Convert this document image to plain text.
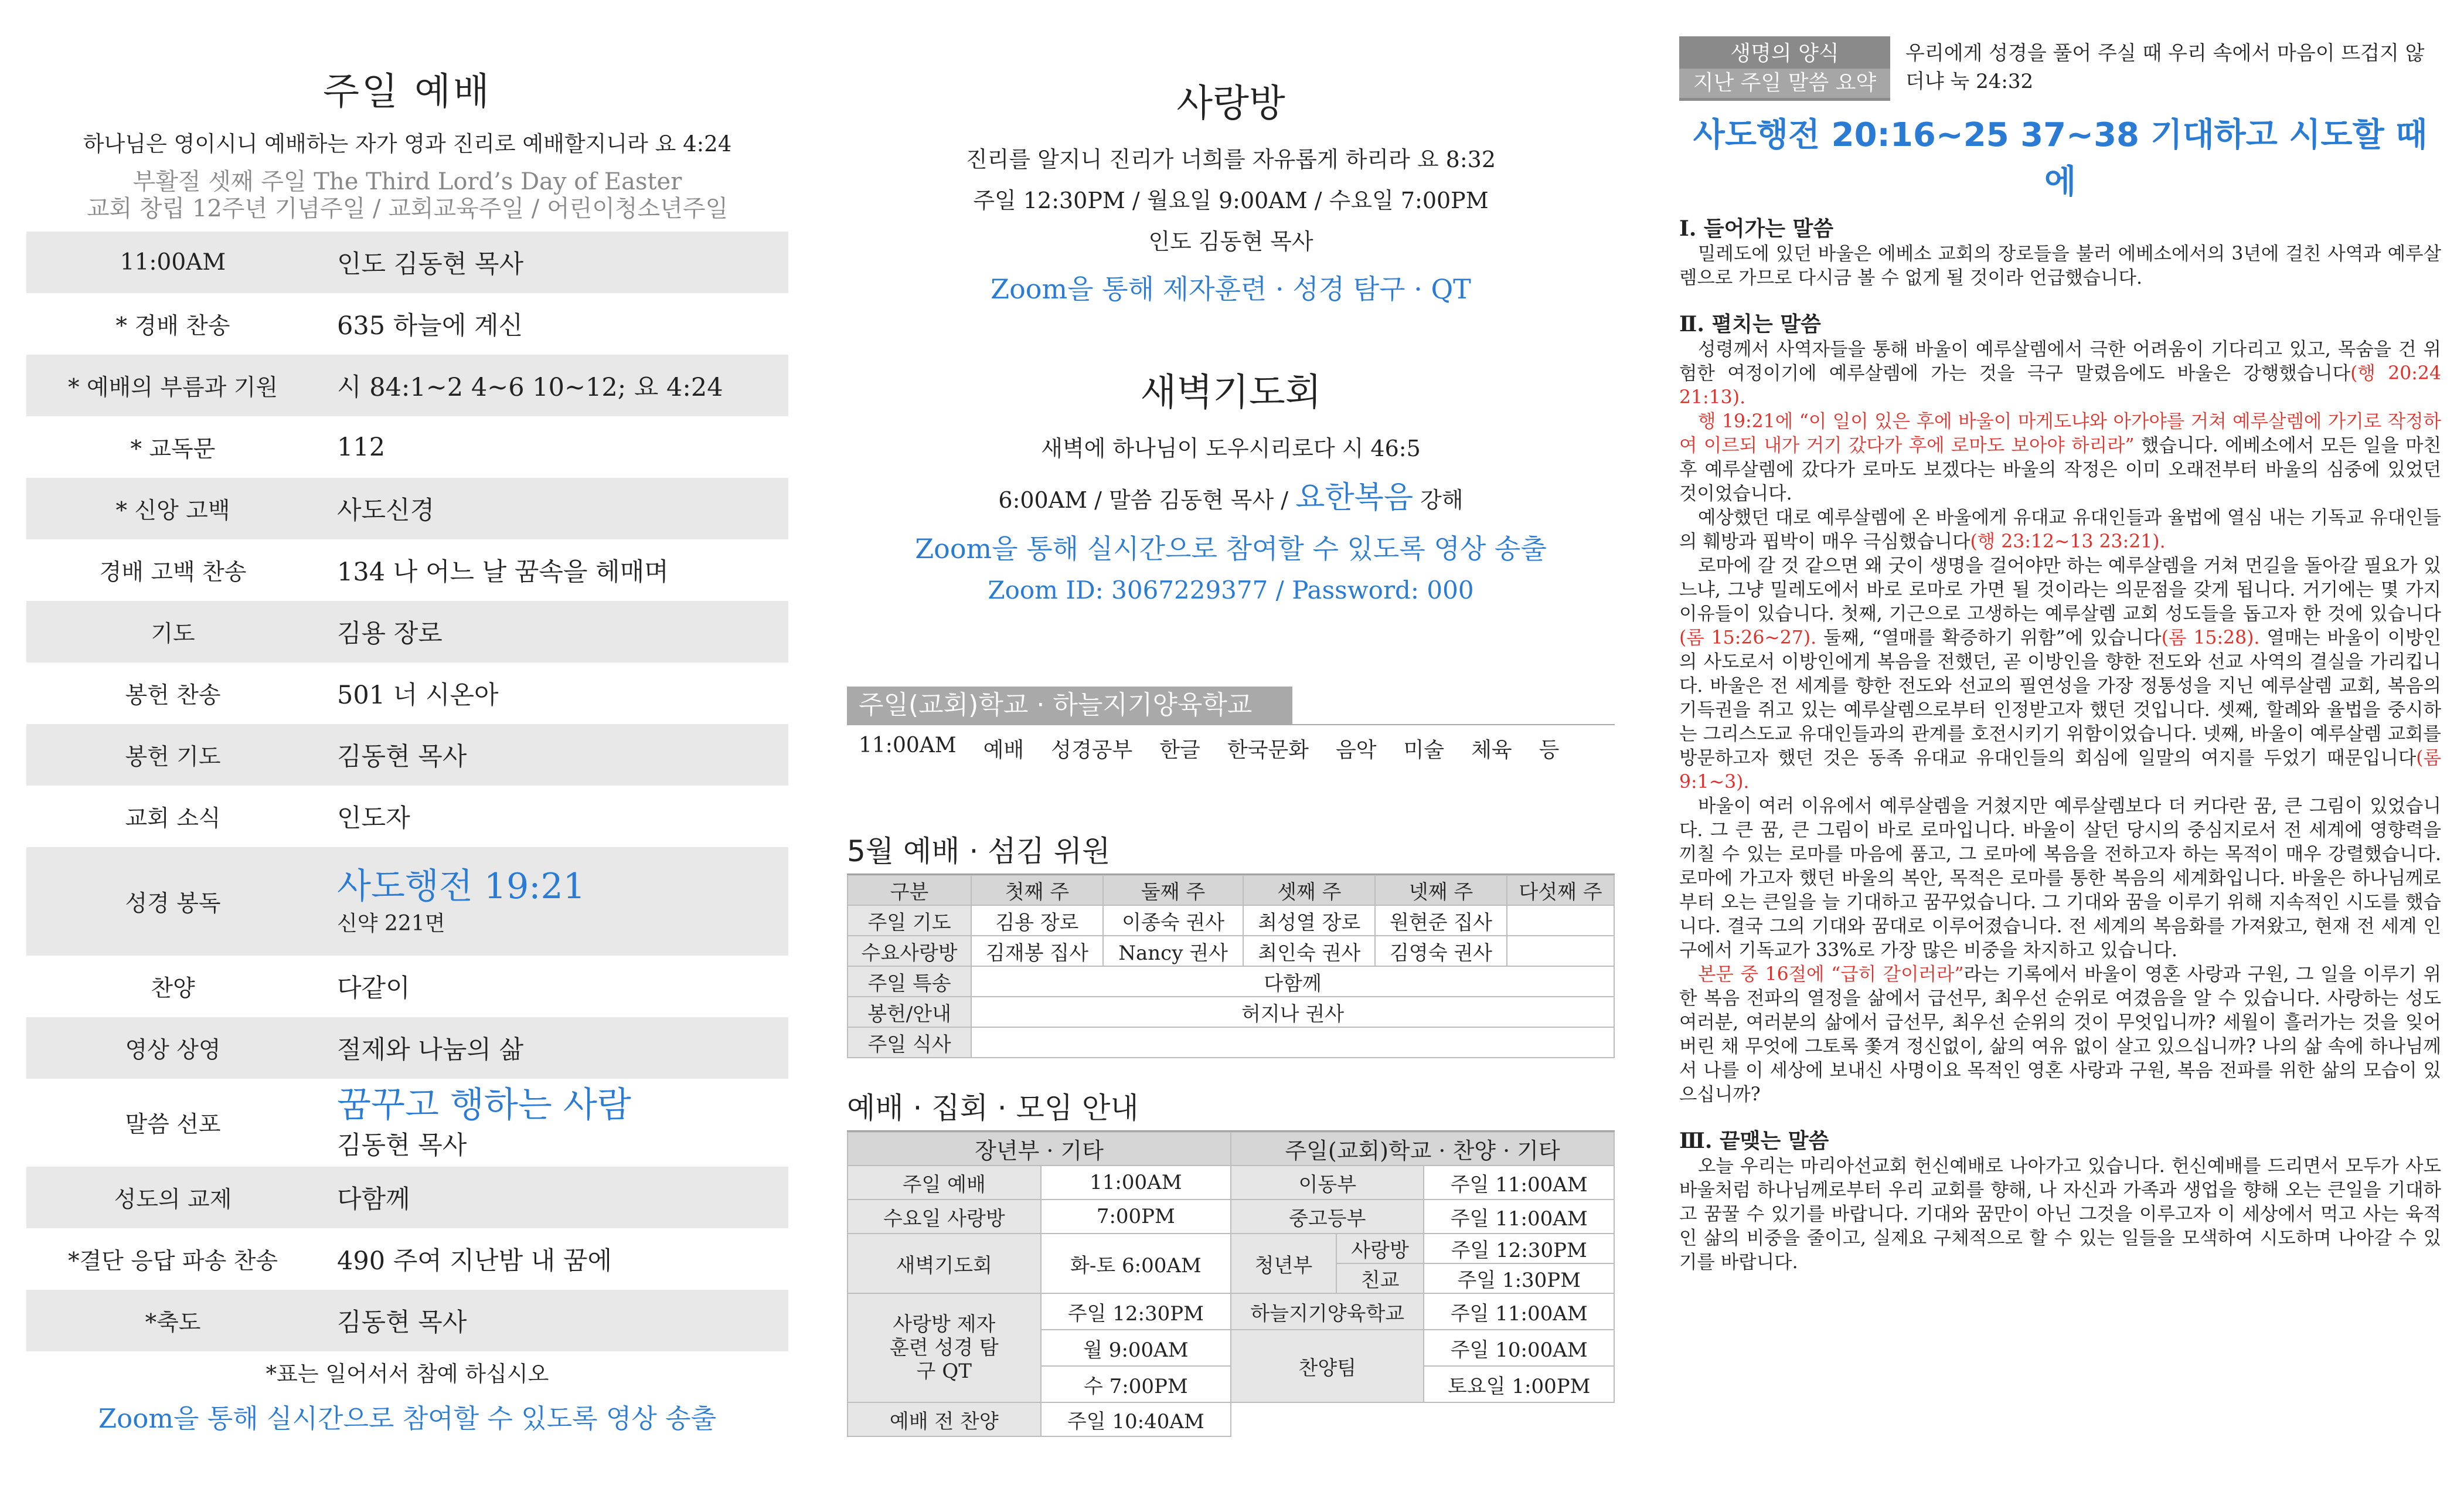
주일 예배
하나님은 영이시니 예배하는 자가 영과 진리로 예배할지니라 요 4:24
부활절 셋째 주일 The Third Lord’s Day of Easter
교회 창립 12주년 기념주일 / 교회교육주일 / 어린이청소년주일
11:00AM	인도 김동현 목사
* 경배 찬송	635 하늘에 계신
* 예배의 부름과 기원	시 84:1~2 4~6 10~12; 요 4:24
* 교독문	112
* 신앙 고백	사도신경
경배 고백 찬송	134 나 어느 날 꿈속을 헤매며
기도	김용 장로
봉헌 찬송	501 너 시온아
봉헌 기도	김동현 목사
교회 소식	인도자
성경 봉독	사도행전 19:21
신약 221면
찬양	다같이
영상 상영	절제와 나눔의 삶
말씀 선포	꿈꾸고 행하는 사람
김동현 목사
성도의 교제	다함께
*결단 응답 파송 찬송	490 주여 지난밤 내 꿈에
*축도	김동현 목사
*표는 일어서서 참예 하십시오
Zoom을 통해 실시간으로 참여할 수 있도록 영상 송출
사랑방
진리를 알지니 진리가 너희를 자유롭게 하리라 요 8:32
주일 12:30PM / 월요일 9:00AM / 수요일 7:00PM
인도 김동현 목사
Zoom을 통해 제자훈련 · 성경 탐구 · QT
새벽기도회
새벽에 하나님이 도우시리로다 시 46:5
6:00AM / 말씀 김동현 목사 / 요한복음 강해
Zoom을 통해 실시간으로 참여할 수 있도록 영상 송출
Zoom ID: 3067229377 / Password: 000
주일(교회)학교 · 하늘지기양육학교
11:00AM 예배 성경공부 한글 한국문화 음악 미술 체육 등
5월 예배 · 섬김 위원
구분	첫째 주	둘째 주	셋째 주	넷째 주	다섯째 주
주일 기도	김용 장로	이종숙 권사	최성열 장로	원현준 집사	
수요사랑방	김재봉 집사	Nancy 권사	최인숙 권사	김영숙 권사	
주일 특송	다함께				
봉헌/안내	허지나 권사				
주일 식사					
예배 · 집회 · 모임 안내
장년부 · 기타		주일(교회)학교 · 찬양 · 기타		
주일 예배	11:00AM	이동부		주일 11:00AM
수요일 사랑방	7:00PM	중고등부		주일 11:00AM
새벽기도회	화-토 6:00AM	청년부	사랑방	주일 12:30PM
			친교	주일 1:30PM
사랑방 제자훈련 성경 탐구 QT	주일 12:30PM	하늘지기양육학교		주일 11:00AM
	월 9:00AM	찬양팀		주일 10:00AM
	수 7:00PM			토요일 1:00PM
예배 전 찬양	주일 10:40AM			
생명의 양식
지난 주일 말씀 요약
우리에게 성경을 풀어 주실 때 우리 속에서 마음이 뜨겁지 않더냐 눅 24:32
사도행전 20:16~25 37~38 기대하고 시도할 때에
Ⅰ. 들어가는 말씀

밀레도에 있던 바울은 에베소 교회의 장로들을 불러 에베소에서의 3년에 걸친 사역과 예루살렘으로 가므로 다시금 볼 수 없게 될 것이라 언급했습니다.

Ⅱ. 펼치는 말씀

성령께서 사역자들을 통해 바울이 예루살렘에서 극한 어려움이 기다리고 있고, 목숨을 건 위험한 여정이기에 예루살렘에 가는 것을 극구 말렸음에도 바울은 강행했습니다(행 20:24 21:13).

행 19:21에 “이 일이 있은 후에 바울이 마게도냐와 아가야를 거쳐 예루살렘에 가기로 작정하여 이르되 내가 거기 갔다가 후에 로마도 보아야 하리라” 했습니다. 에베소에서 모든 일을 마친 후 예루살렘에 갔다가 로마도 보겠다는 바울의 작정은 이미 오래전부터 바울의 심중에 있었던 것이었습니다.

예상했던 대로 예루살렘에 온 바울에게 유대교 유대인들과 율법에 열심 내는 기독교 유대인들의 훼방과 핍박이 매우 극심했습니다(행 23:12~13 23:21).

로마에 갈 것 같으면 왜 굿이 생명을 걸어야만 하는 예루살렘을 거쳐 먼길을 돌아갈 필요가 있느냐, 그냥 밀레도에서 바로 로마로 가면 될 것이라는 의문점을 갖게 됩니다. 거기에는 몇 가지 이유들이 있습니다. 첫째, 기근으로 고생하는 예루살렘 교회 성도들을 돕고자 한 것에 있습니다(롬 15:26~27). 둘째, “열매를 확증하기 위함”에 있습니다(롬 15:28). 열매는 바울이 이방인의 사도로서 이방인에게 복음을 전했던, 곧 이방인을 향한 전도와 선교 사역의 결실을 가리킵니다. 바울은 전 세계를 향한 전도와 선교의 필연성을 가장 정통성을 지닌 예루살렘 교회, 복음의 기득권을 쥐고 있는 예루살렘으로부터 인정받고자 했던 것입니다. 셋째, 할례와 율법을 중시하는 그리스도교 유대인들과의 관계를 호전시키기 위함이었습니다. 넷째, 바울이 예루살렘 교회를 방문하고자 했던 것은 동족 유대교 유대인들의 회심에 일말의 여지를 두었기 때문입니다(롬 9:1~3).

바울이 여러 이유에서 예루살렘을 거쳤지만 예루살렘보다 더 커다란 꿈, 큰 그림이 있었습니다. 그 큰 꿈, 큰 그림이 바로 로마입니다. 바울이 살던 당시의 중심지로서 전 세계에 영향력을 끼칠 수 있는 로마를 마음에 품고, 그 로마에 복음을 전하고자 하는 목적이 매우 강렬했습니다. 로마에 가고자 했던 바울의 복안, 목적은 로마를 통한 복음의 세계화입니다. 바울은 하나님께로부터 오는 큰일을 늘 기대하고 꿈꾸었습니다. 그 기대와 꿈을 이루기 위해 지속적인 시도를 했습니다. 결국 그의 기대와 꿈대로 이루어졌습니다. 전 세계의 복음화를 가져왔고, 현재 전 세계 인구에서 기독교가 33%로 가장 많은 비중을 차지하고 있습니다.

본문 중 16절에 “급히 갈이러라”라는 기록에서 바울이 영혼 사랑과 구원, 그 일을 이루기 위한 복음 전파의 열정을 삶에서 급선무, 최우선 순위로 여겼음을 알 수 있습니다. 사랑하는 성도 여러분, 여러분의 삶에서 급선무, 최우선 순위의 것이 무엇입니까? 세월이 흘러가는 것을 잊어버린 채 무엇에 그토록 쫓겨 정신없이, 삶의 여유 없이 살고 있으십니까? 나의 삶 속에 하나님께서 나를 이 세상에 보내신 사명이요 목적인 영혼 사랑과 구원, 복음 전파를 위한 삶의 모습이 있으십니까?

Ⅲ. 끝맺는 말씀

오늘 우리는 마리아선교회 헌신예배로 나아가고 있습니다. 헌신예배를 드리면서 모두가 사도 바울처럼 하나님께로부터 우리 교회를 향해, 나 자신과 가족과 생업을 향해 오는 큰일을 기대하고 꿈꿀 수 있기를 바랍니다. 기대와 꿈만이 아닌 그것을 이루고자 이 세상에서 먹고 사는 육적인 삶의 비중을 줄이고, 실제요 구체적으로 할 수 있는 일들을 모색하여 시도하며 나아갈 수 있기를 바랍니다.
